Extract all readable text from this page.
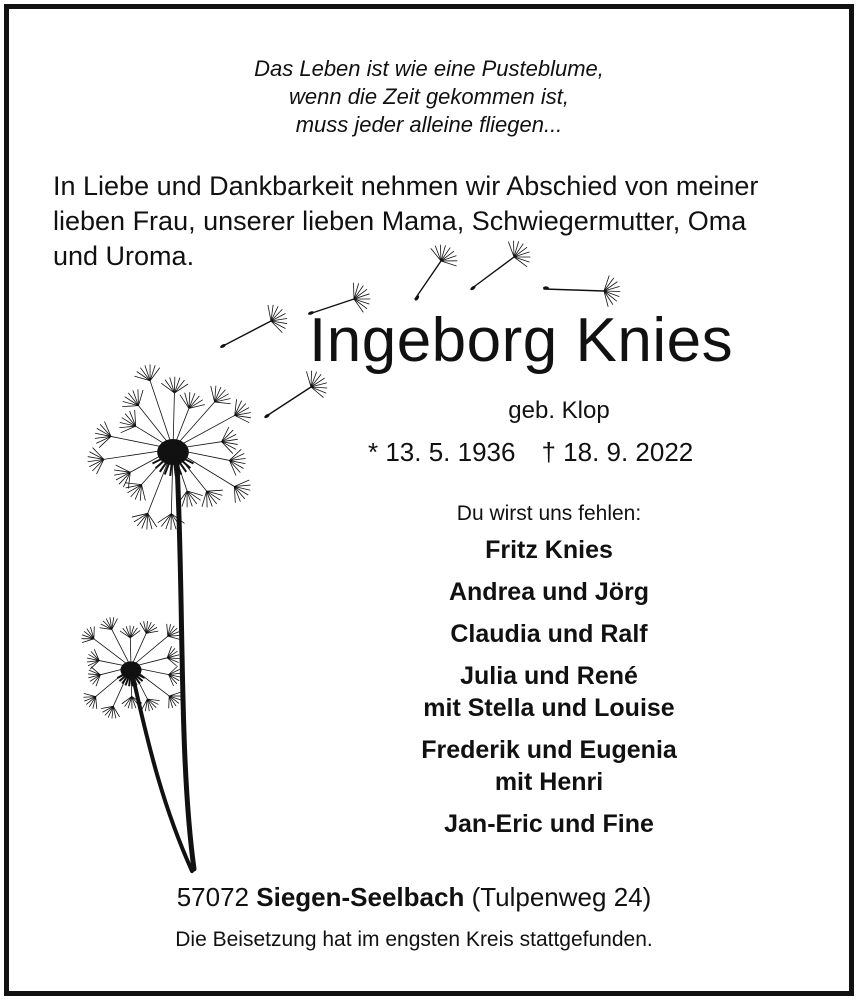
Das Leben ist wie eine Pusteblume,
wenn die Zeit gekommen ist,
muss jeder alleine fliegen...
In Liebe und Dankbarkeit nehmen wir Abschied von meiner
lieben Frau, unserer lieben Mama, Schwiegermutter, Oma
und Uroma.
Ingeborg Knies
geb. Klop
* 13. 5. 1936 † 18. 9. 2022
Du wirst uns fehlen:
Fritz Knies
Andrea und Jörg
Claudia und Ralf
Julia und René
mit Stella und Louise
Frederik und Eugenia
mit Henri
Jan-Eric und Fine
57072 Siegen-Seelbach (Tulpenweg 24)
Die Beisetzung hat im engsten Kreis stattgefunden.
